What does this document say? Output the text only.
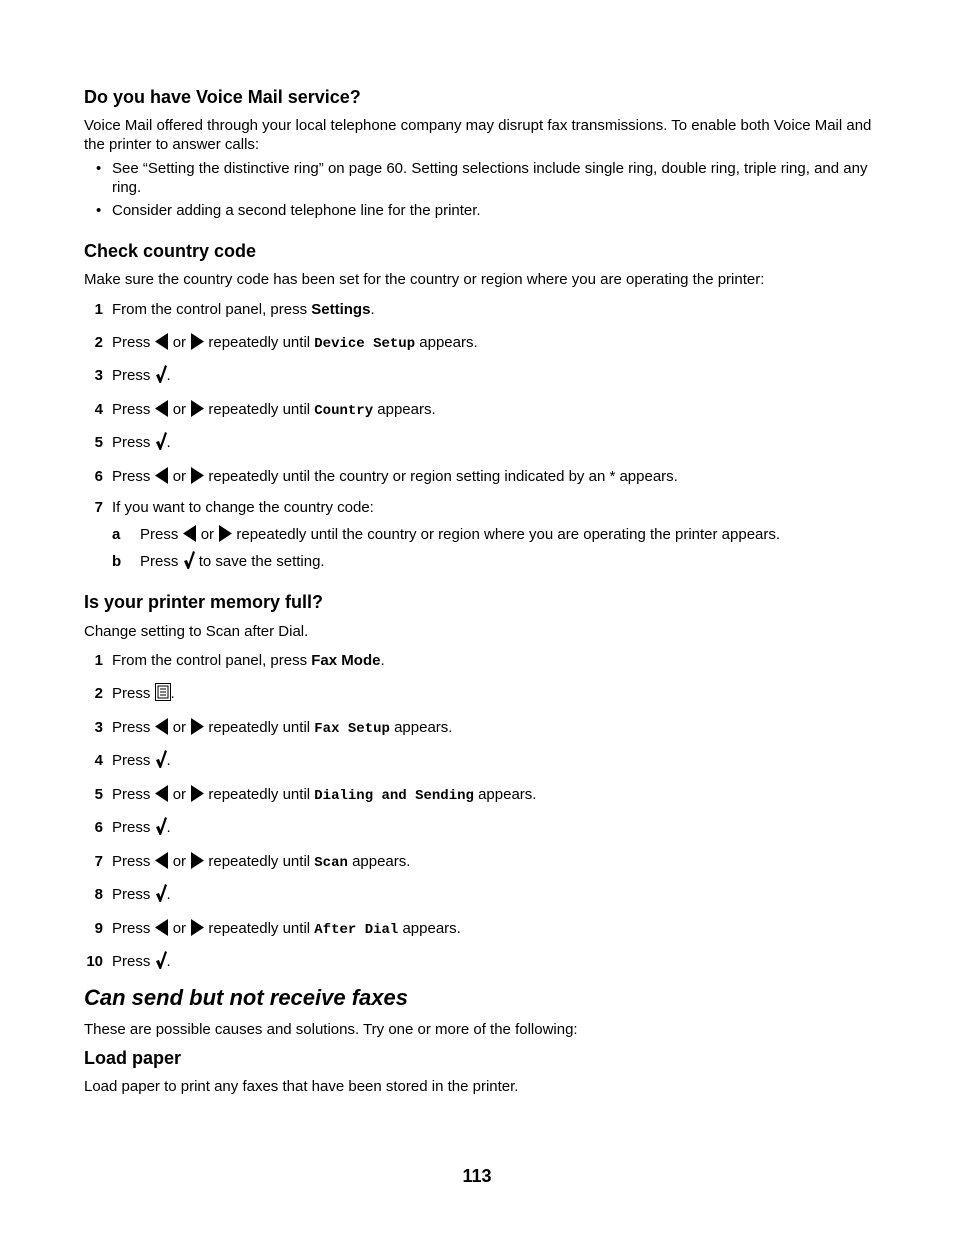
Do you have Voice Mail service?

Voice Mail offered through your local telephone company may disrupt fax transmissions. To enable both Voice Mail and the printer to answer calls:

• See “Setting the distinctive ring” on page 60. Setting selections include single ring, double ring, triple ring, and any ring.
• Consider adding a second telephone line for the printer.
Check country code

Make sure the country code has been set for the country or region where you are operating the printer:

1 From the control panel, press Settings.
2 Press or repeatedly until Device Setup appears.
3 Press .
4 Press or repeatedly until Country appears.
5 Press .
6 Press or repeatedly until the country or region setting indicated by an * appears.
7 If you want to change the country code:
a Press or repeatedly until the country or region where you are operating the printer appears.
b Press to save the setting.
Is your printer memory full?

Change setting to Scan after Dial.

1 From the control panel, press Fax Mode.
2 Press .
3 Press or repeatedly until Fax Setup appears.
4 Press .
5 Press or repeatedly until Dialing and Sending appears.
6 Press .
7 Press or repeatedly until Scan appears.
8 Press .
9 Press or repeatedly until After Dial appears.
10 Press .
Can send but not receive faxes

These are possible causes and solutions. Try one or more of the following:

Load paper

Load paper to print any faxes that have been stored in the printer.

113
